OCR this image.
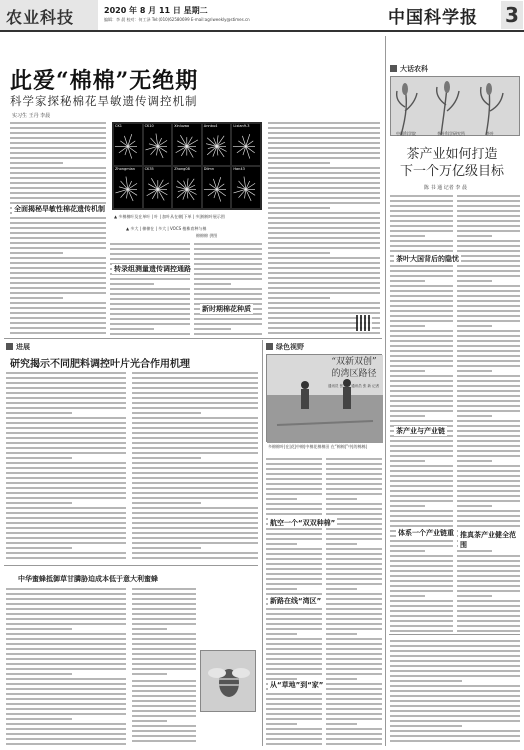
农业科技	2020 年 8 月 11 日 星期二
编辑：李 晨 校对：何工泽 Tel:(010)62580699 E-mail:agriweekly@stimes.cn	中国科学报 3
此爱“棉棉”无绝期
科学家探秘棉花旱敏遗传调控机制
实习生 王丹 李晨
全面揭秘旱敏性棉花遗传机制
CK1	CK10	Xinluzao	Annbu4	Lixian9-3
Zhongmian	CK35	Zhong08	Dilmn	Han43
▲ 多棉棉叶及在单叶 | 叶 | 加叶从在棉|下单 | 多|棉棉叶展示图
▲ 多大 | 棉棉在 | 多大 | VOCS 植株育种与棉
棉棉棉 供图
转录组测量遗传调控通路
新时期棉花种质
大话农科
中国科学院	茶叶科学研究所	茶叶
茶产业如何打造
下一个万亿级目标
陈 书 通 记者 李 晨
茶叶大国背后的隐忧
茶产业与产业链
体系一个产业链重 推真茶产业健全范围
进展
研究揭示不同肥料调控叶片光合作用机理
中华蜜蜂抵御草甘膦胁迫成本低于意大利蜜蜂
绿色视野
多棉棉叶|在|花|中棉|中棉花棉棉田 在“棉棉|”中|的棉棉|
航空一个“双双种棉”
新路在线“湾区”
从“草地”到“家”
“双新双创”
的湾区路径
通讯员 张雪冬 通讯员 张 新 记者
